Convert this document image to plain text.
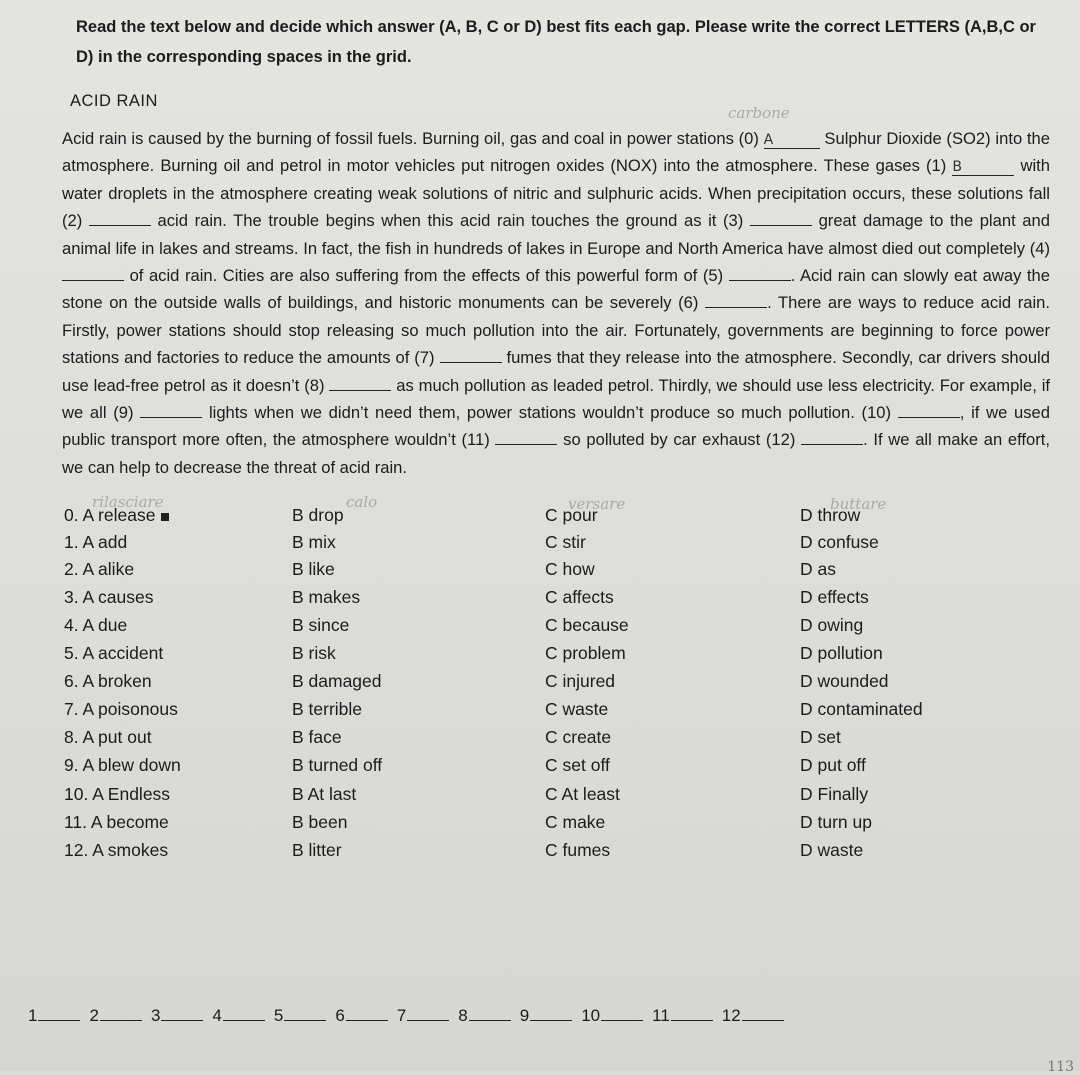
Read the text below and decide which answer (A, B, C or D) best fits each gap. Please write the correct LETTERS (A,B,C or D) in the corresponding spaces in the grid.
ACID RAIN
carbone
Acid rain is caused by the burning of fossil fuels. Burning oil, gas and coal in power stations (0) A	Sulphur Dioxide (SO2) into the atmosphere. Burning oil and petrol in motor vehicles put nitrogen oxides (NOX) into the atmosphere. These gases (1) B	with water droplets in the atmosphere creating weak solutions of nitric and sulphuric acids. When precipitation occurs, these solutions fall (2)	acid rain. The trouble begins when this acid rain touches the ground as it (3)	great damage to the plant and animal life in lakes and streams. In fact, the fish in hundreds of lakes in Europe and North America have almost died out completely (4)  of acid rain. Cities are also suffering from the effects of this powerful form of (5)	. Acid rain can slowly eat away the stone on the outside walls of buildings, and historic monuments can be severely (6)	. There are ways to reduce acid rain. Firstly, power stations should stop releasing so much pollution into the air. Fortunately, governments are beginning to force power stations and factories to reduce the amounts of (7)	fumes that they release into the atmosphere. Secondly, car drivers should use lead-free petrol as it doesn’t (8)	as much pollution as leaded petrol. Thirdly, we should use less electricity. For example, if we all (9)	lights when we didn’t need them, power stations wouldn’t produce so much pollution. (10)	, if we used public transport more often, the atmosphere wouldn’t (11)	so polluted by car exhaust (12)	. If we all make an effort, we can help to decrease the threat of acid rain.
rilasciare	calo	versare	buttare
0. A release	B drop	C pour	D throw
1. A add	B mix	C stir	D confuse
2. A alike	B like	C how	D as
3. A causes	B makes	C affects	D effects
4. A due	B since	C because	D owing
5. A accident	B risk	C problem	D pollution
6. A broken	B damaged	C injured	D wounded
7. A poisonous	B terrible	C waste	D contaminated
8. A put out	B face	C create	D set
9. A blew down	B turned off	C set off	D put off
10. A Endless	B At last	C At least	D Finally
11. A become	B been	C make	D turn up
12. A smokes	B litter	C fumes	D waste
1	2	3	4	5	6	7	8	9	10	11	12
113
